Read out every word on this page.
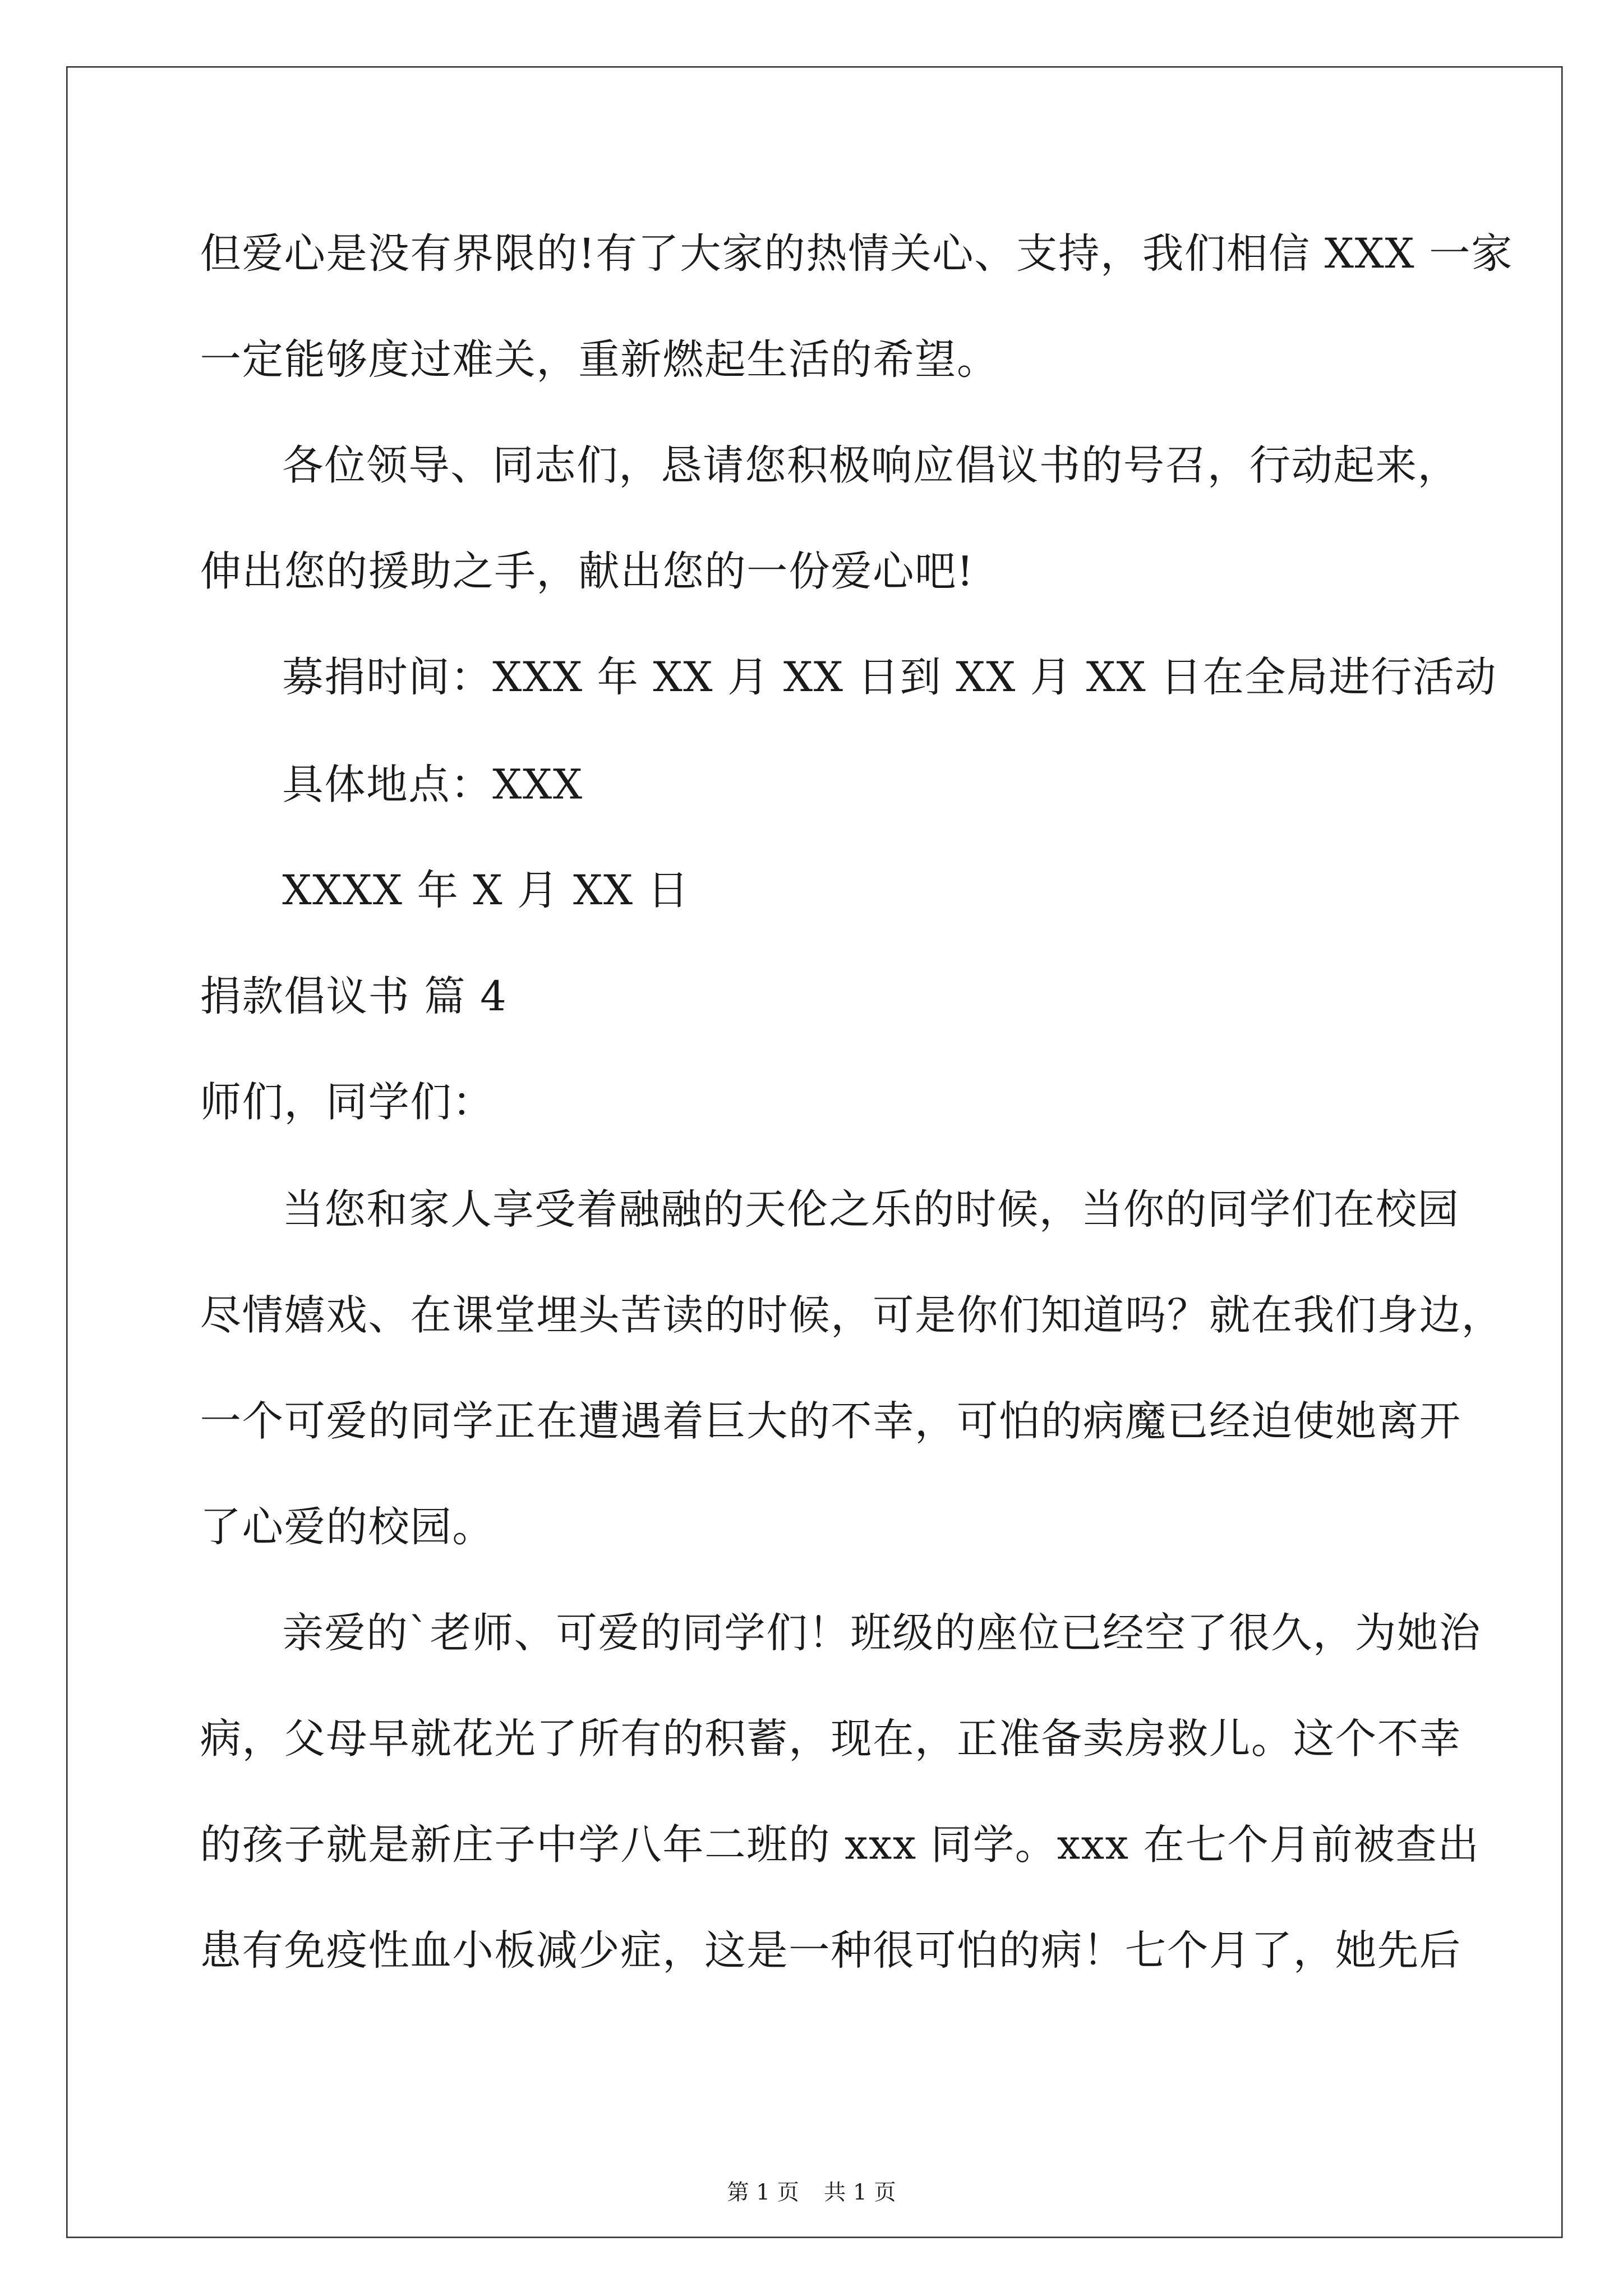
但爱心是没有界限的!有了大家的热情关心、支持，我们相信 XXX 一家
一定能够度过难关，重新燃起生活的希望。
各位领导、同志们，恳请您积极响应倡议书的号召，行动起来，
伸出您的援助之手，献出您的一份爱心吧!
募捐时间：XXX 年 XX 月 XX 日到 XX 月 XX 日在全局进行活动
具体地点：XXX
XXXX 年 X 月 XX 日
捐款倡议书 篇 4
师们，同学们：
当您和家人享受着融融的天伦之乐的时候，当你的同学们在校园
尽情嬉戏、在课堂埋头苦读的时候，可是你们知道吗？就在我们身边，
一个可爱的同学正在遭遇着巨大的不幸，可怕的病魔已经迫使她离开
了心爱的校园。
亲爱的`老师、可爱的同学们！班级的座位已经空了很久，为她治
病，父母早就花光了所有的积蓄，现在，正准备卖房救儿。这个不幸
的孩子就是新庄子中学八年二班的 xxx 同学。xxx 在七个月前被查出
患有免疫性血小板减少症，这是一种很可怕的病！七个月了，她先后
第 1 页	共 1 页
